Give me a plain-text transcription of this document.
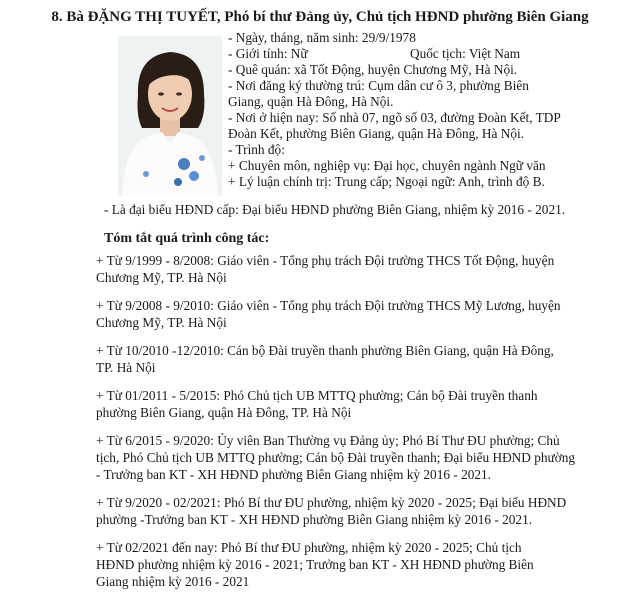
8. Bà ĐẶNG THỊ TUYẾT, Phó bí thư Đảng ủy, Chủ tịch HĐND phường Biên Giang
- Ngày, tháng, năm sinh: 29/9/1978
- Giới tính: Nữ	Quốc tịch: Việt Nam
- Quê quán: xã Tốt Động, huyện Chương Mỹ, Hà Nội.
- Nơi đăng ký thường trú: Cụm dân cư ô 3, phường Biên
Giang, quận Hà Đông, Hà Nội.
- Nơi ở hiện nay: Số nhà 07, ngõ số 03, đường Đoàn Kết, TDP
Đoàn Kết, phường Biên Giang, quận Hà Đông, Hà Nội.
- Trình độ:
+ Chuyên môn, nghiệp vụ: Đại học, chuyên ngành Ngữ văn
+ Lý luận chính trị: Trung cấp; Ngoại ngữ: Anh, trình độ B.
- Là đại biểu HĐND cấp: Đại biểu HĐND phường Biên Giang, nhiệm kỳ 2016 - 2021.
Tóm tắt quá trình công tác:
+ Từ 9/1999 - 8/2008: Giáo viên - Tổng phụ trách Đội trường THCS Tốt Động, huyện
Chương Mỹ, TP. Hà Nội
+ Từ 9/2008 - 9/2010: Giáo viên - Tổng phụ trách Đội trường THCS Mỹ Lương, huyện
Chương Mỹ, TP. Hà Nội
+ Từ 10/2010 -12/2010: Cán bộ Đài truyền thanh phường Biên Giang, quận Hà Đông,
TP. Hà Nội
+ Từ 01/2011 - 5/2015: Phó Chủ tịch UB MTTQ phường; Cán bộ Đài truyền thanh
phường Biên Giang, quận Hà Đông, TP. Hà Nội
+ Từ 6/2015 - 9/2020: Ủy viên Ban Thường vụ Đảng ủy; Phó Bí Thư ĐU phường; Chủ
tịch, Phó Chủ tịch UB MTTQ phường; Cán bộ Đài truyền thanh; Đại biểu HĐND phường
- Trưởng ban KT - XH HĐND phường Biên Giang nhiệm kỳ 2016 - 2021.
+ Từ 9/2020 - 02/2021: Phó Bí thư ĐU phường, nhiệm kỳ 2020 - 2025; Đại biểu HĐND
phường -Trưởng ban KT - XH HĐND phường Biên Giang nhiệm kỳ 2016 - 2021.
+ Từ 02/2021 đến nay: Phó Bí thư ĐU phường, nhiệm kỳ 2020 - 2025; Chủ tịch
HĐND phường nhiệm kỳ 2016 - 2021; Trưởng ban KT - XH HĐND phường Biên
Giang nhiệm kỳ 2016 - 2021
